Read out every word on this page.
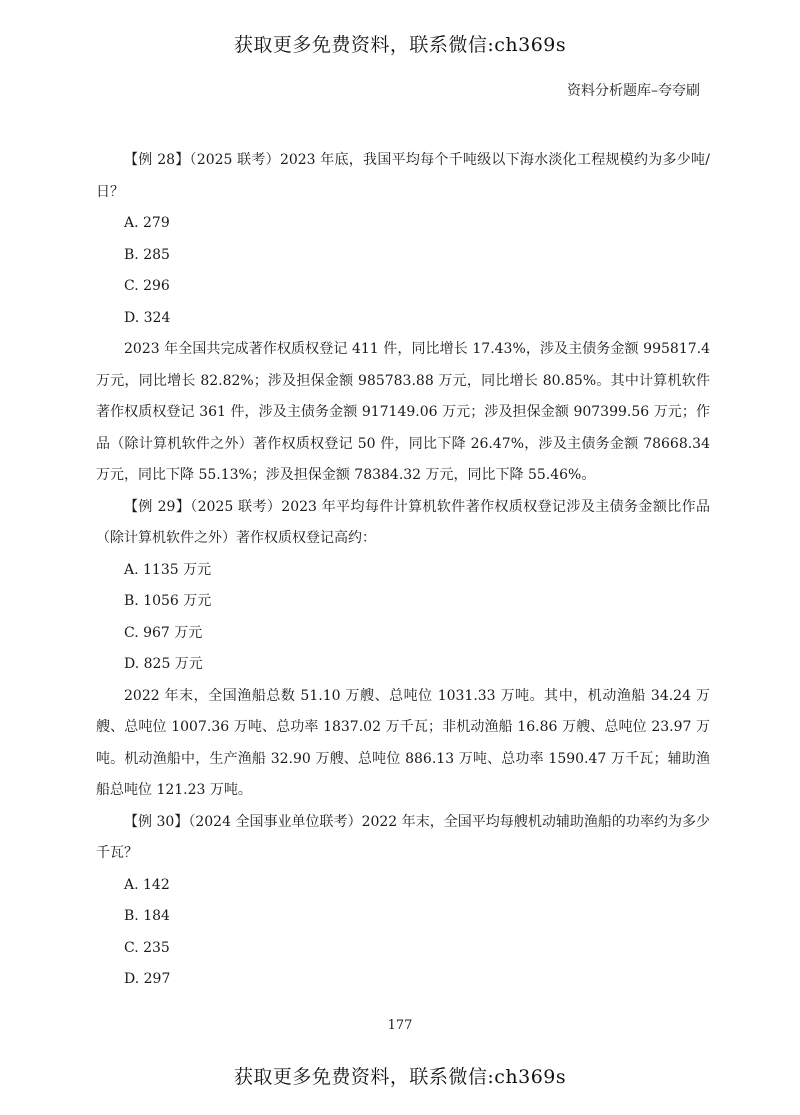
获取更多免费资料，联系微信:ch369s
资料分析题库–夸夸刷

【例 28】（2025 联考）2023 年底，我国平均每个千吨级以下海水淡化工程规模约为多少吨/日？

A. 279

B. 285

C. 296

D. 324

2023 年全国共完成著作权质权登记 411 件，同比增长 17.43%，涉及主债务金额 995817.4 万元，同比增长 82.82%；涉及担保金额 985783.88 万元，同比增长 80.85%。其中计算机软件著作权质权登记 361 件，涉及主债务金额 917149.06 万元；涉及担保金额 907399.56 万元；作品（除计算机软件之外）著作权质权登记 50 件，同比下降 26.47%，涉及主债务金额 78668.34 万元，同比下降 55.13%；涉及担保金额 78384.32 万元，同比下降 55.46%。

【例 29】（2025 联考）2023 年平均每件计算机软件著作权质权登记涉及主债务金额比作品（除计算机软件之外）著作权质权登记高约：

A. 1135 万元

B. 1056 万元

C. 967 万元

D. 825 万元

2022 年末，全国渔船总数 51.10 万艘、总吨位 1031.33 万吨。其中，机动渔船 34.24 万艘、总吨位 1007.36 万吨、总功率 1837.02 万千瓦；非机动渔船 16.86 万艘、总吨位 23.97 万吨。机动渔船中，生产渔船 32.90 万艘、总吨位 886.13 万吨、总功率 1590.47 万千瓦；辅助渔船总吨位 121.23 万吨。

【例 30】（2024 全国事业单位联考）2022 年末，全国平均每艘机动辅助渔船的功率约为多少千瓦？

A. 142

B. 184

C. 235

D. 297

177
获取更多免费资料，联系微信:ch369s
